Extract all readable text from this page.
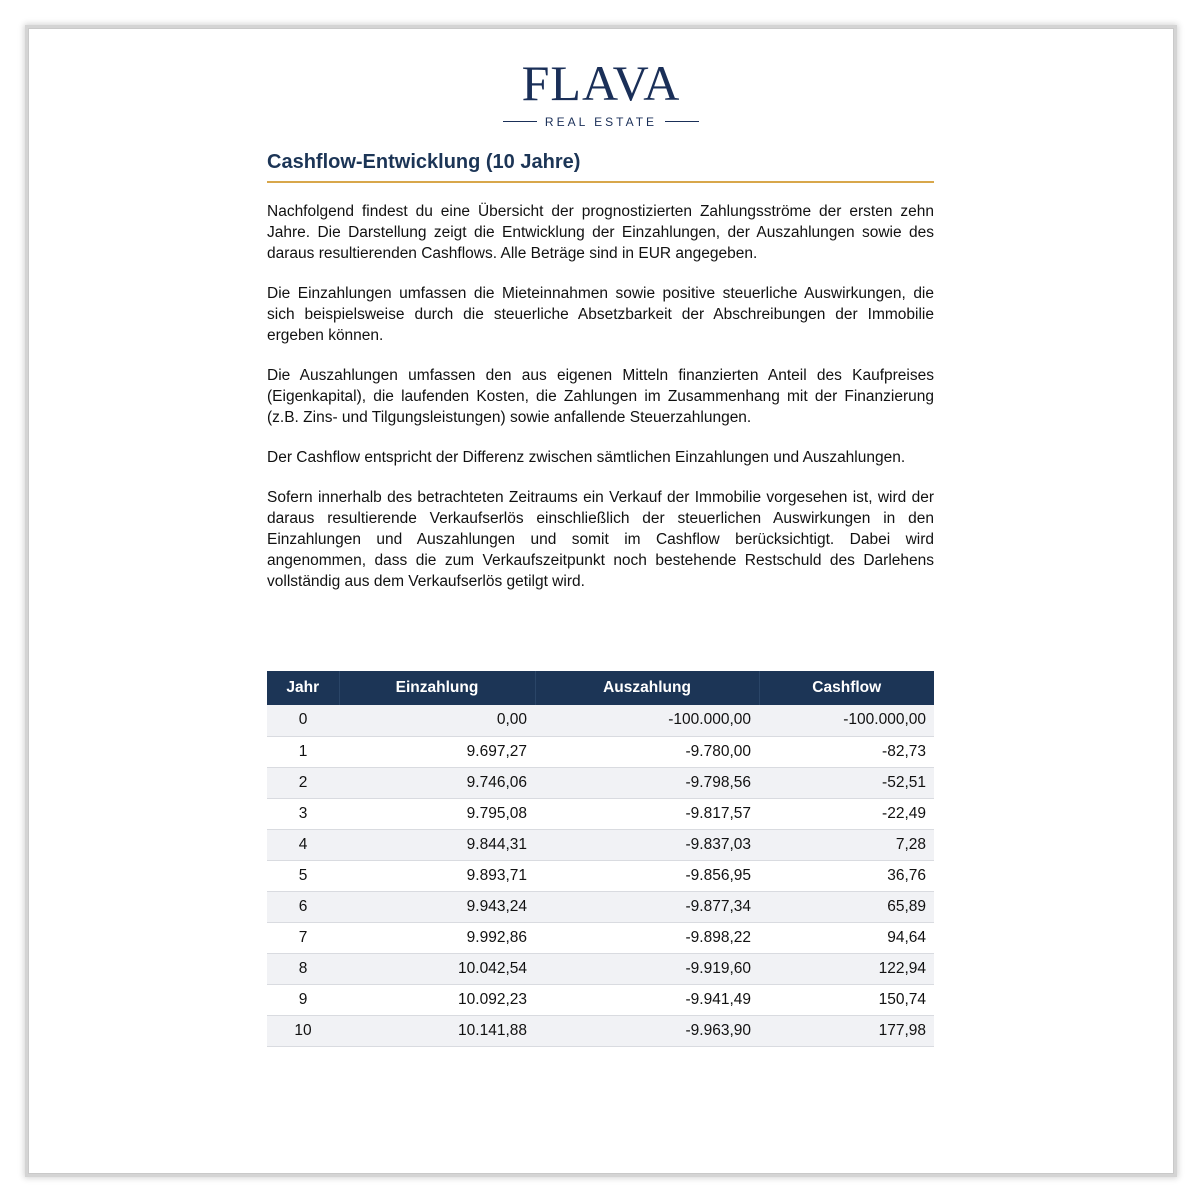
FLAVA
REAL ESTATE
Cashflow-Entwicklung (10 Jahre)

Nachfolgend findest du eine Übersicht der prognostizierten Zahlungsströme der ersten zehn Jahre. Die Darstellung zeigt die Entwicklung der Einzahlungen, der Auszahlungen sowie des daraus resultierenden Cashflows. Alle Beträge sind in EUR angegeben.

Die Einzahlungen umfassen die Mieteinnahmen sowie positive steuerliche Auswirkungen, die sich beispielsweise durch die steuerliche Absetzbarkeit der Abschreibungen der Immobilie ergeben können.

Die Auszahlungen umfassen den aus eigenen Mitteln finanzierten Anteil des Kaufpreises (Eigenkapital), die laufenden Kosten, die Zahlungen im Zusammenhang mit der Finanzierung (z.B. Zins- und Tilgungsleistungen) sowie anfallende Steuerzahlungen.

Der Cashflow entspricht der Differenz zwischen sämtlichen Einzahlungen und Auszahlungen.

Sofern innerhalb des betrachteten Zeitraums ein Verkauf der Immobilie vorgesehen ist, wird der daraus resultierende Verkaufserlös einschließlich der steuerlichen Auswirkungen in den Einzahlungen und Auszahlungen und somit im Cashflow berücksichtigt. Dabei wird angenommen, dass die zum Verkaufszeitpunkt noch bestehende Restschuld des Darlehens vollständig aus dem Verkaufserlös getilgt wird.

Jahr	Einzahlung	Auszahlung	Cashflow
0	0,00	-100.000,00	-100.000,00
1	9.697,27	-9.780,00	-82,73
2	9.746,06	-9.798,56	-52,51
3	9.795,08	-9.817,57	-22,49
4	9.844,31	-9.837,03	7,28
5	9.893,71	-9.856,95	36,76
6	9.943,24	-9.877,34	65,89
7	9.992,86	-9.898,22	94,64
8	10.042,54	-9.919,60	122,94
9	10.092,23	-9.941,49	150,74
10	10.141,88	-9.963,90	177,98
